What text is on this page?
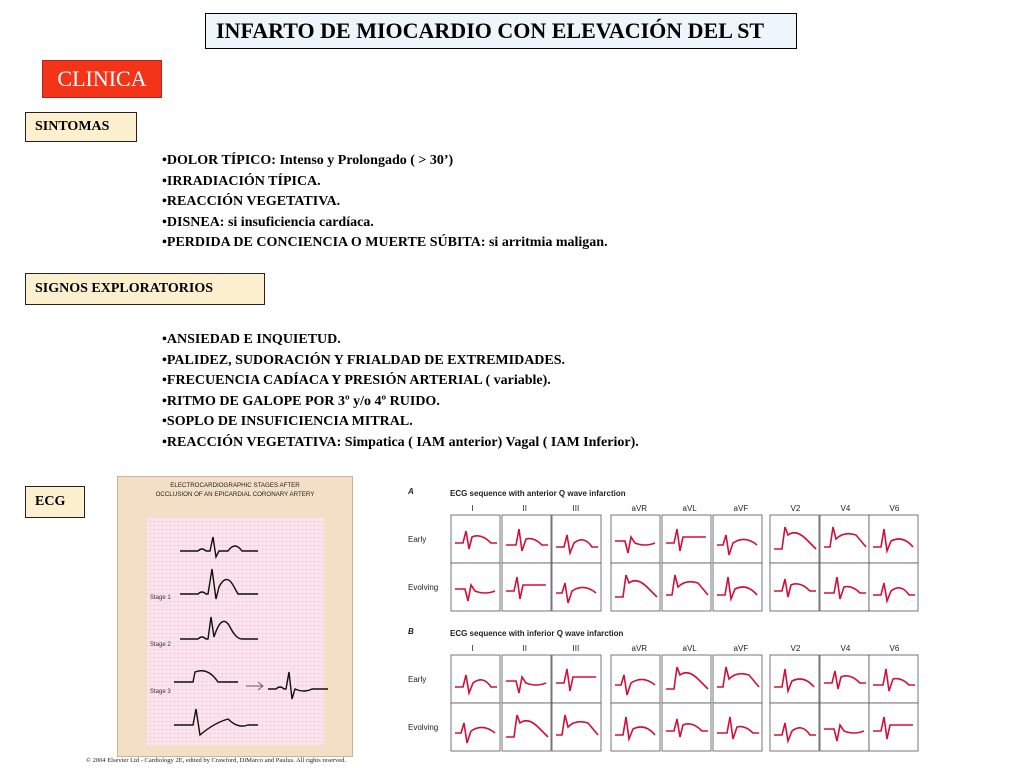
INFARTO DE MIOCARDIO CON ELEVACIÓN DEL ST
CLINICA
SINTOMAS
• DOLOR TÍPICO: Intenso y Prolongado ( > 30’)
• IRRADIACIÓN TÍPICA.
• REACCIÓN VEGETATIVA.
• DISNEA: si insuficiencia cardíaca.
• PERDIDA DE CONCIENCIA O MUERTE SÚBITA: si arritmia maligan.
SIGNOS EXPLORATORIOS
• ANSIEDAD E INQUIETUD.
• PALIDEZ, SUDORACIÓN Y FRIALDAD DE EXTREMIDADES.
• FRECUENCIA CADÍACA Y PRESIÓN ARTERIAL ( variable).
• RITMO DE GALOPE POR 3º y/o 4º RUIDO.
• SOPLO DE INSUFICIENCIA MITRAL.
• REACCIÓN VEGETATIVA: Simpatica ( IAM anterior) Vagal ( IAM Inferior).
ECG
ELECTROCARDIOGRAPHIC STAGES AFTER
OCCLUSION OF AN EPICARDIAL CORONARY ARTERY
Stage 1
Stage 2
Stage 3
© 2004 Elsevier Ltd - Cardiology 2E, edited by Crawford, DiMarco and Paulus. All rights reserved.
A	ECG sequence with anterior Q wave infarction
I	II	III	aVR	aVL	aVF	V2	V4	V6
Early
Evolving
B	ECG sequence with inferior Q wave infarction
I	II	III	aVR	aVL	aVF	V2	V4	V6
Early
Evolving
